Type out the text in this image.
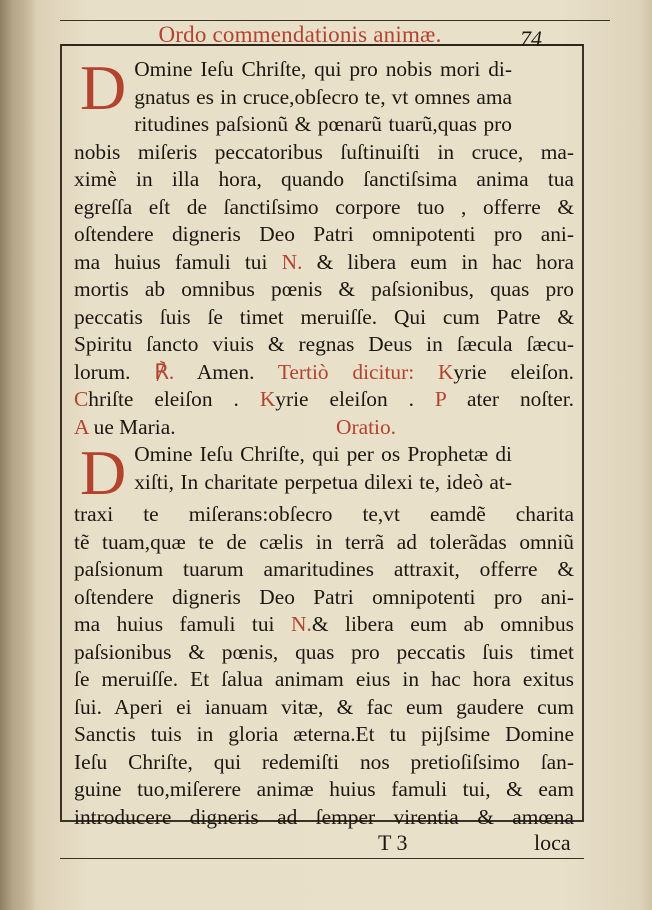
Ordo commendationis animæ.	74
D Omine Ieſu Chriſte, qui pro nobis mori di-
gnatus es in cruce,obſecro te, vt omnes ama
ritudines paſsionũ & pœnarũ tuarũ,quas pro
nobis miſeris peccatoribus ſuſtinuiſti in cruce, ma-
ximè in illa hora, quando ſanctiſsima anima tua
egreſſa eſt de ſanctiſsimo corpore tuo , offerre &
oſtendere digneris Deo Patri omnipotenti pro ani-
ma huius famuli tui N. & libera eum in hac hora
mortis ab omnibus pœnis & paſsionibus, quas pro
peccatis ſuis ſe timet meruiſſe. Qui cum Patre &
Spiritu ſancto viuis & regnas Deus in ſæcula ſæcu-
lorum. ℟. Amen. Tertiò dicitur: Kyrie eleiſon.
Chriſte eleiſon . Kyrie eleiſon . P ater noſter.
A ue Maria.	Oratio.
D Omine Ieſu Chriſte, qui per os Prophetæ di
xiſti, In charitate perpetua dilexi te, ideò at-
traxi te miſerans:obſecro te,vt eamdẽ charita
tẽ tuam,quæ te de cælis in terrã ad tolerãdas omniũ
paſsionum tuarum amaritudines attraxit, offerre &
oſtendere digneris Deo Patri omnipotenti pro ani-
ma huius famuli tui N.& libera eum ab omnibus
paſsionibus & pœnis, quas pro peccatis ſuis timet
ſe meruiſſe. Et ſalua animam eius in hac hora exitus
ſui. Aperi ei ianuam vitæ, & fac eum gaudere cum
Sanctis tuis in gloria æterna.Et tu pijſsime Domine
Ieſu Chriſte, qui redemiſti nos pretioſiſsimo ſan-
guine tuo,miſerere animæ huius famuli tui, & eam
introducere digneris ad ſemper virentia & amœna
T 3	loca
